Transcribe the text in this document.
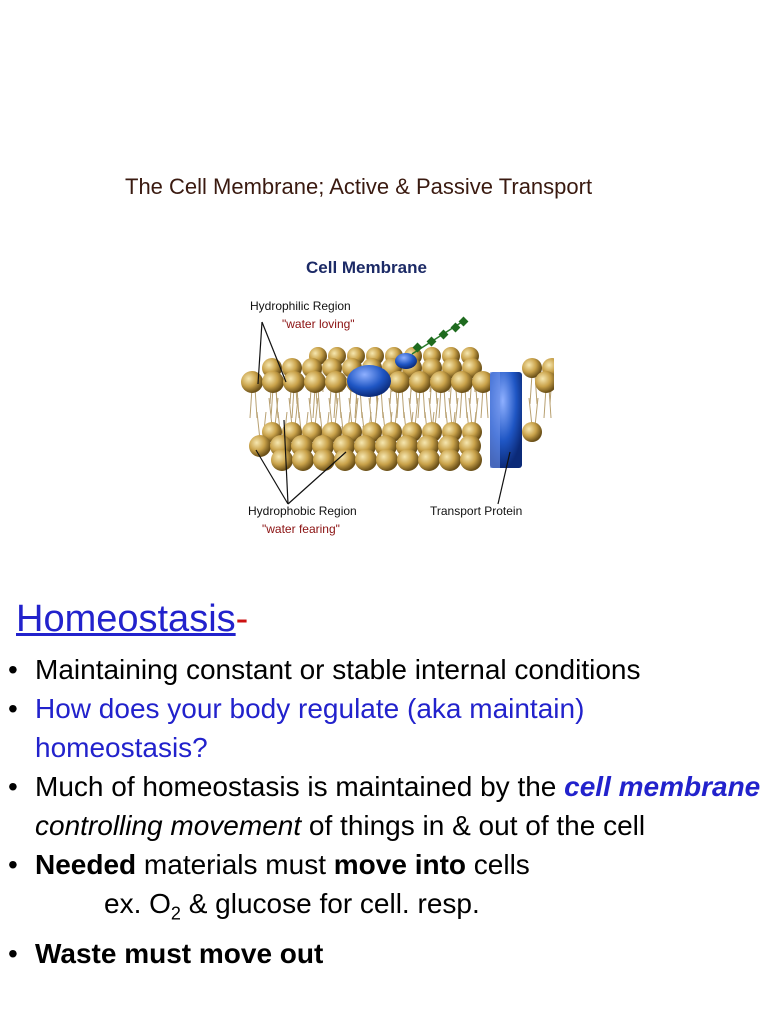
The Cell Membrane; Active & Passive Transport
Cell Membrane
Hydrophilic Region
"water loving"
Hydrophobic Region
"water fearing"
Transport Protein
Homeostasis-
• Maintaining constant or stable internal conditions
• How does your body regulate (aka maintain) homeostasis?
• Much of homeostasis is maintained by the cell membrane controlling movement of things in & out of the cell
• Needed materials must move into cells
ex. $O_2$ & glucose for cell. resp.
• Waste must move out
